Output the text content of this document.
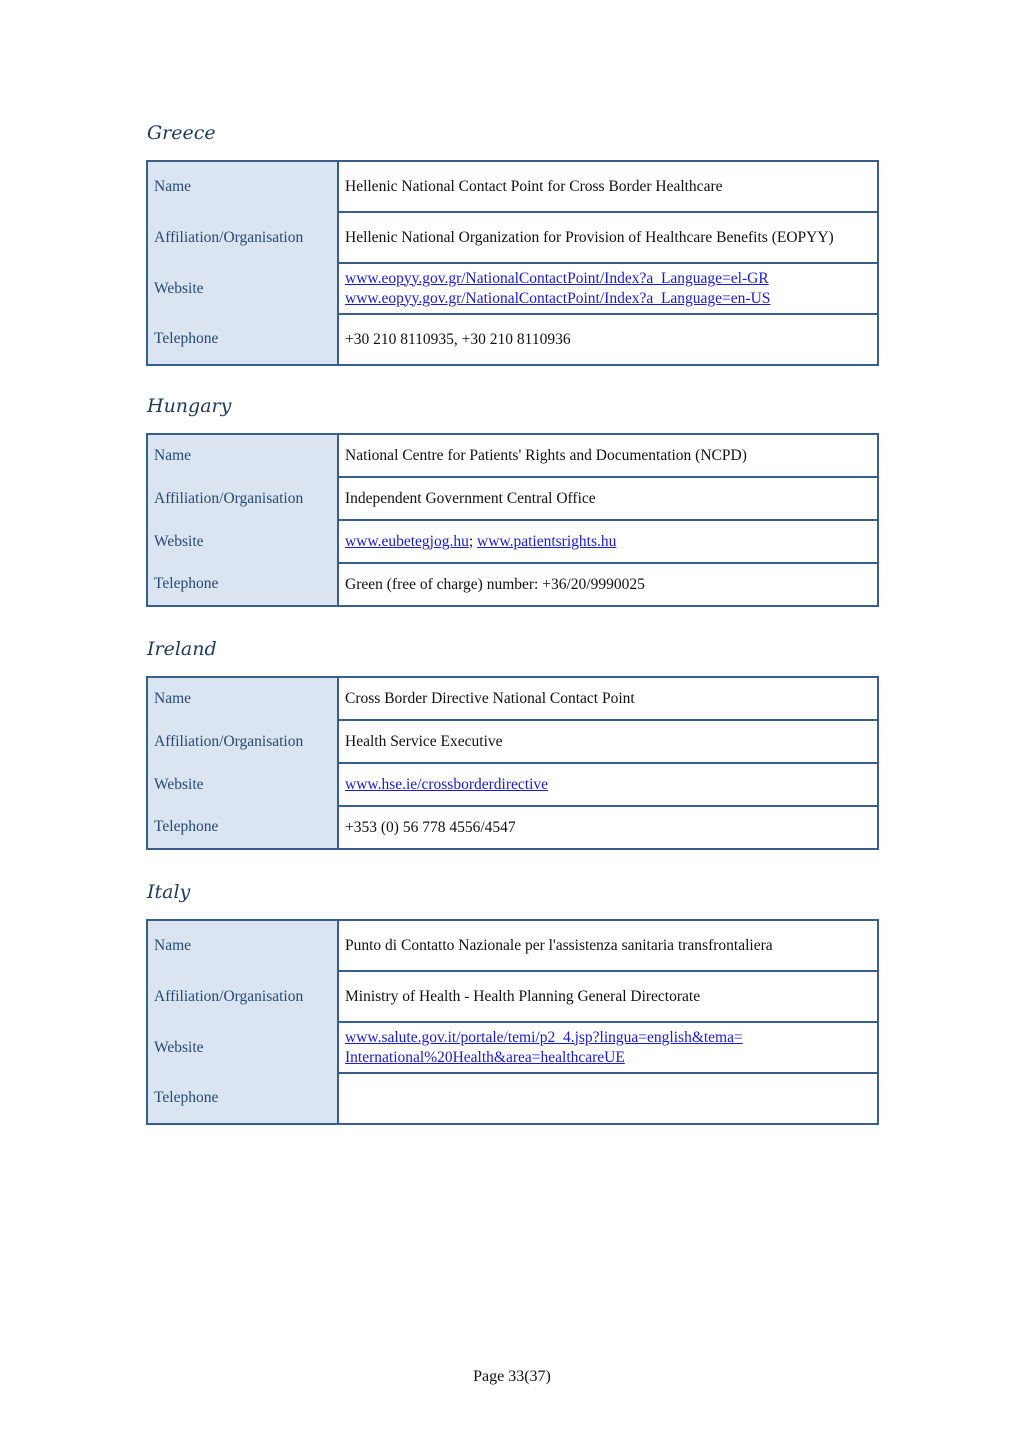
Greece
Name	Hellenic National Contact Point for Cross Border Healthcare
Affiliation/Organisation	Hellenic National Organization for Provision of Healthcare Benefits (EOPYY)
Website	www.eopyy.gov.gr/NationalContactPoint/Index?a_Language=el-GR
www.eopyy.gov.gr/NationalContactPoint/Index?a_Language=en-US
Telephone	+30 210 8110935, +30 210 8110936
Hungary
Name	National Centre for Patients' Rights and Documentation (NCPD)
Affiliation/Organisation	Independent Government Central Office
Website	www.eubetegjog.hu; www.patientsrights.hu
Telephone	Green (free of charge) number: +36/20/9990025
Ireland
Name	Cross Border Directive National Contact Point
Affiliation/Organisation	Health Service Executive
Website	www.hse.ie/crossborderdirective
Telephone	+353 (0) 56 778 4556/4547
Italy
Name	Punto di Contatto Nazionale per l'assistenza sanitaria transfrontaliera
Affiliation/Organisation	Ministry of Health - Health Planning General Directorate
Website	www.salute.gov.it/portale/temi/p2_4.jsp?lingua=english&tema=
International%20Health&area=healthcareUE
Telephone	
Page 33(37)
